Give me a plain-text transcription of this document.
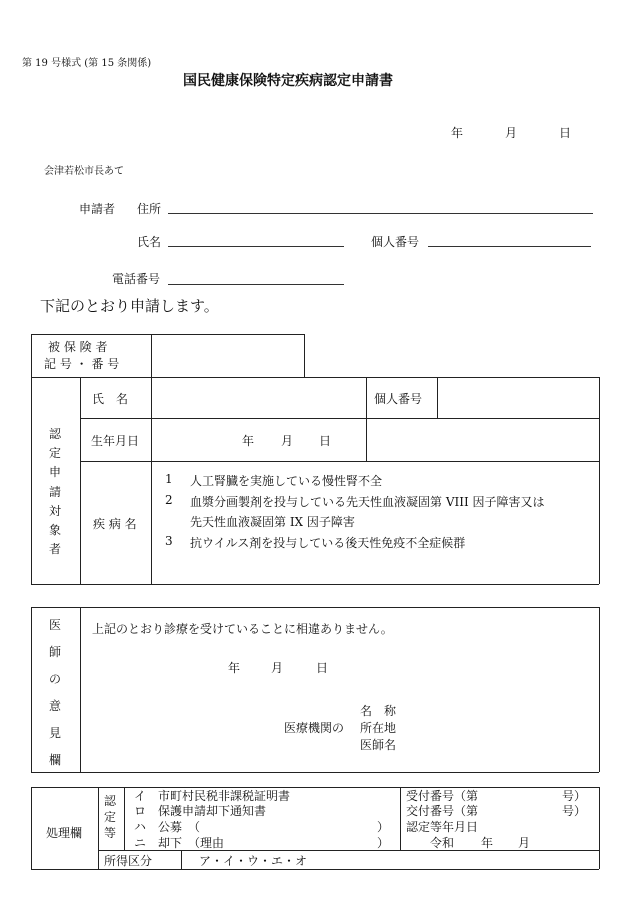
第 19 号様式 (第 15 条関係)
国民健康保険特定疾病認定申請書
年	月	日
会津若松市長あて
申請者 住所
氏名	個人番号
電話番号
下記のとおり申請します。
被 保 険 者
記 号 ・ 番 号
認
定
申
請
対
象
者
氏　名	個人番号
生年月日	年 月 日
疾 病 名
1 人工腎臓を実施している慢性腎不全
2 血漿分画製剤を投与している先天性血液凝固第 VIII 因子障害又は
先天性血液凝固第 IX 因子障害
3 抗ウイルス剤を投与している後天性免疫不全症候群
医
師
の
意
見
欄
上記のとおり診療を受けていることに相違ありません。
年	月	日
医療機関の
名　称
所在地
医師名
処理欄
認
定
等
イ　市町村民税非課税証明書
ロ　保護申請却下通知書
ハ　公募　（	）
ニ　却下　（理由	）
受付番号（第	号）
交付番号（第	号）
認定等年月日
令和 年 月
所得区分	ア・イ・ウ・エ・オ
